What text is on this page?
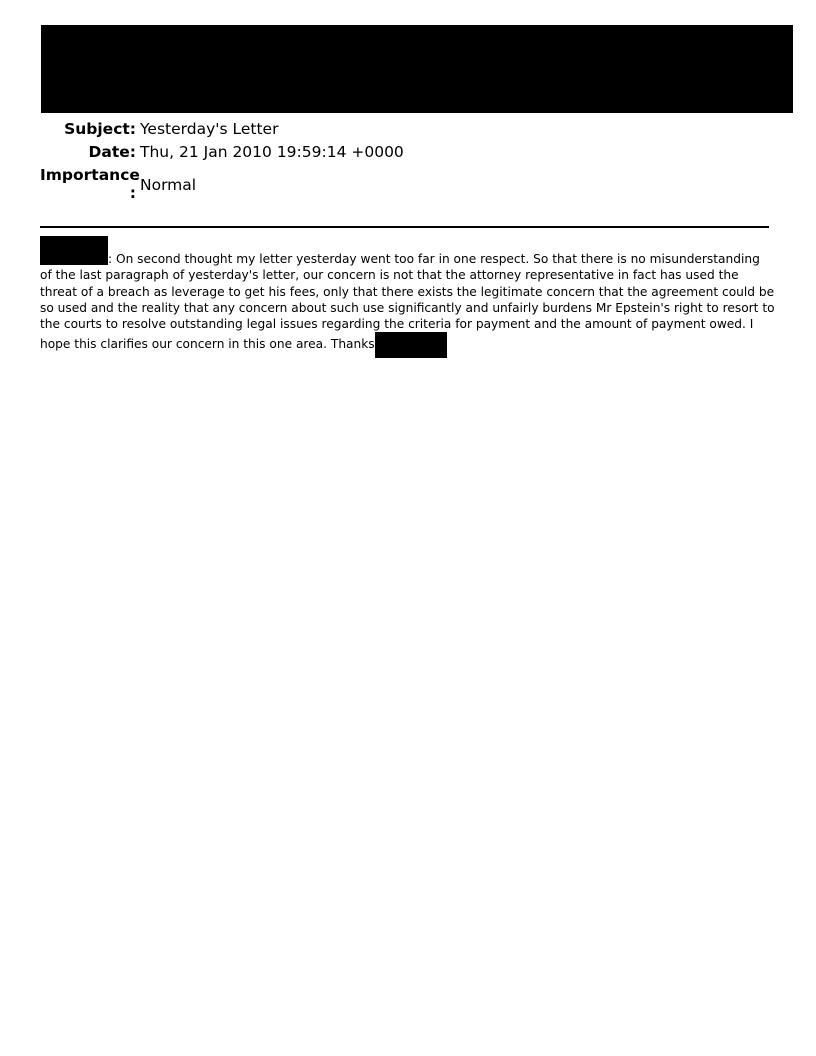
Subject: Yesterday's Letter
Date: Thu, 21 Jan 2010 19:59:14 +0000
Importance
: Normal

: On second thought my letter yesterday went too far in one respect. So that there is no misunderstanding of the last paragraph of yesterday's letter, our concern is not that the attorney representative in fact has used the threat of a breach as leverage to get his fees, only that there exists the legitimate concern that the agreement could be so used and the reality that any concern about such use significantly and unfairly burdens Mr Epstein's right to resort to the courts to resolve outstanding legal issues regarding the criteria for payment and the amount of payment owed. I hope this clarifies our concern in this one area. Thanks
